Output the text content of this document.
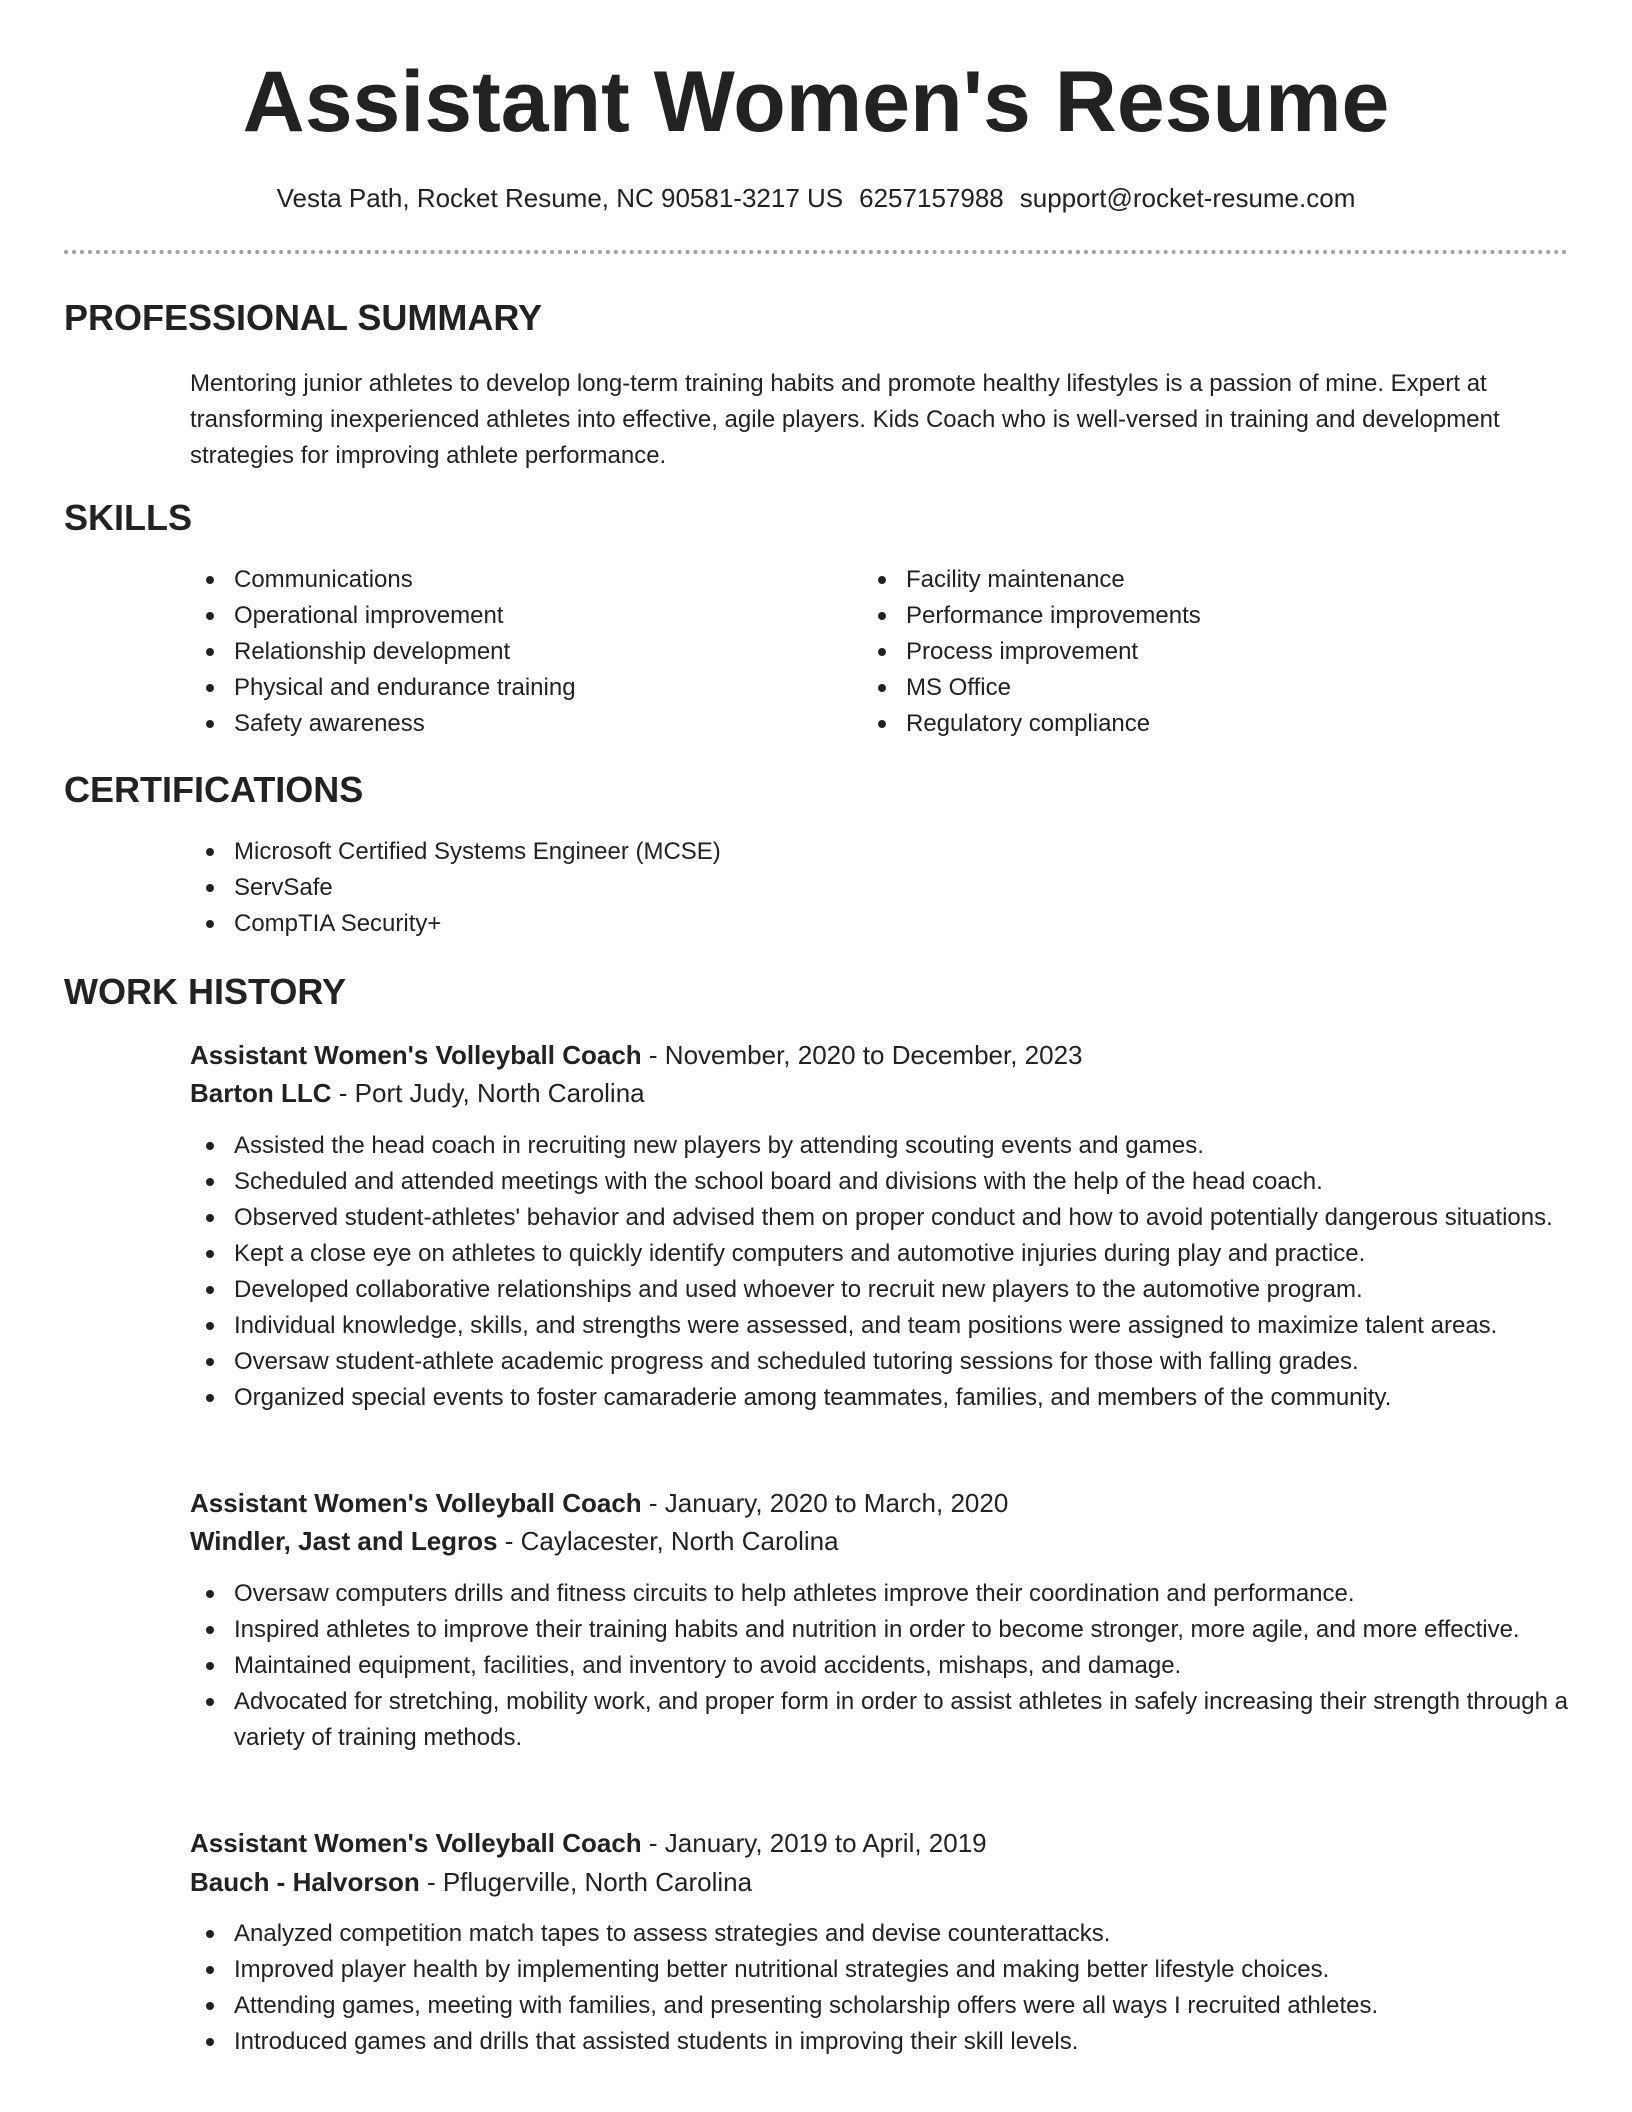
Assistant Women's Resume
Vesta Path, Rocket Resume, NC 90581-3217 US 6257157988 support@rocket-resume.com
PROFESSIONAL SUMMARY

Mentoring junior athletes to develop long-term training habits and promote healthy lifestyles is a passion of mine. Expert at transforming inexperienced athletes into effective, agile players. Kids Coach who is well-versed in training and development strategies for improving athlete performance.

SKILLS
Communications
Operational improvement
Relationship development
Physical and endurance training
Safety awareness
Facility maintenance
Performance improvements
Process improvement
MS Office
Regulatory compliance
CERTIFICATIONS
Microsoft Certified Systems Engineer (MCSE)
ServSafe
CompTIA Security+
WORK HISTORY

Assistant Women's Volleyball Coach - November, 2020 to December, 2023

Barton LLC - Port Judy, North Carolina

Assisted the head coach in recruiting new players by attending scouting events and games.
Scheduled and attended meetings with the school board and divisions with the help of the head coach.
Observed student-athletes' behavior and advised them on proper conduct and how to avoid potentially dangerous situations.
Kept a close eye on athletes to quickly identify computers and automotive injuries during play and practice.
Developed collaborative relationships and used whoever to recruit new players to the automotive program.
Individual knowledge, skills, and strengths were assessed, and team positions were assigned to maximize talent areas.
Oversaw student-athlete academic progress and scheduled tutoring sessions for those with falling grades.
Organized special events to foster camaraderie among teammates, families, and members of the community.

Assistant Women's Volleyball Coach - January, 2020 to March, 2020

Windler, Jast and Legros - Caylacester, North Carolina

Oversaw computers drills and fitness circuits to help athletes improve their coordination and performance.
Inspired athletes to improve their training habits and nutrition in order to become stronger, more agile, and more effective.
Maintained equipment, facilities, and inventory to avoid accidents, mishaps, and damage.
Advocated for stretching, mobility work, and proper form in order to assist athletes in safely increasing their strength through a variety of training methods.

Assistant Women's Volleyball Coach - January, 2019 to April, 2019

Bauch - Halvorson - Pflugerville, North Carolina

Analyzed competition match tapes to assess strategies and devise counterattacks.
Improved player health by implementing better nutritional strategies and making better lifestyle choices.
Attending games, meeting with families, and presenting scholarship offers were all ways I recruited athletes.
Introduced games and drills that assisted students in improving their skill levels.
